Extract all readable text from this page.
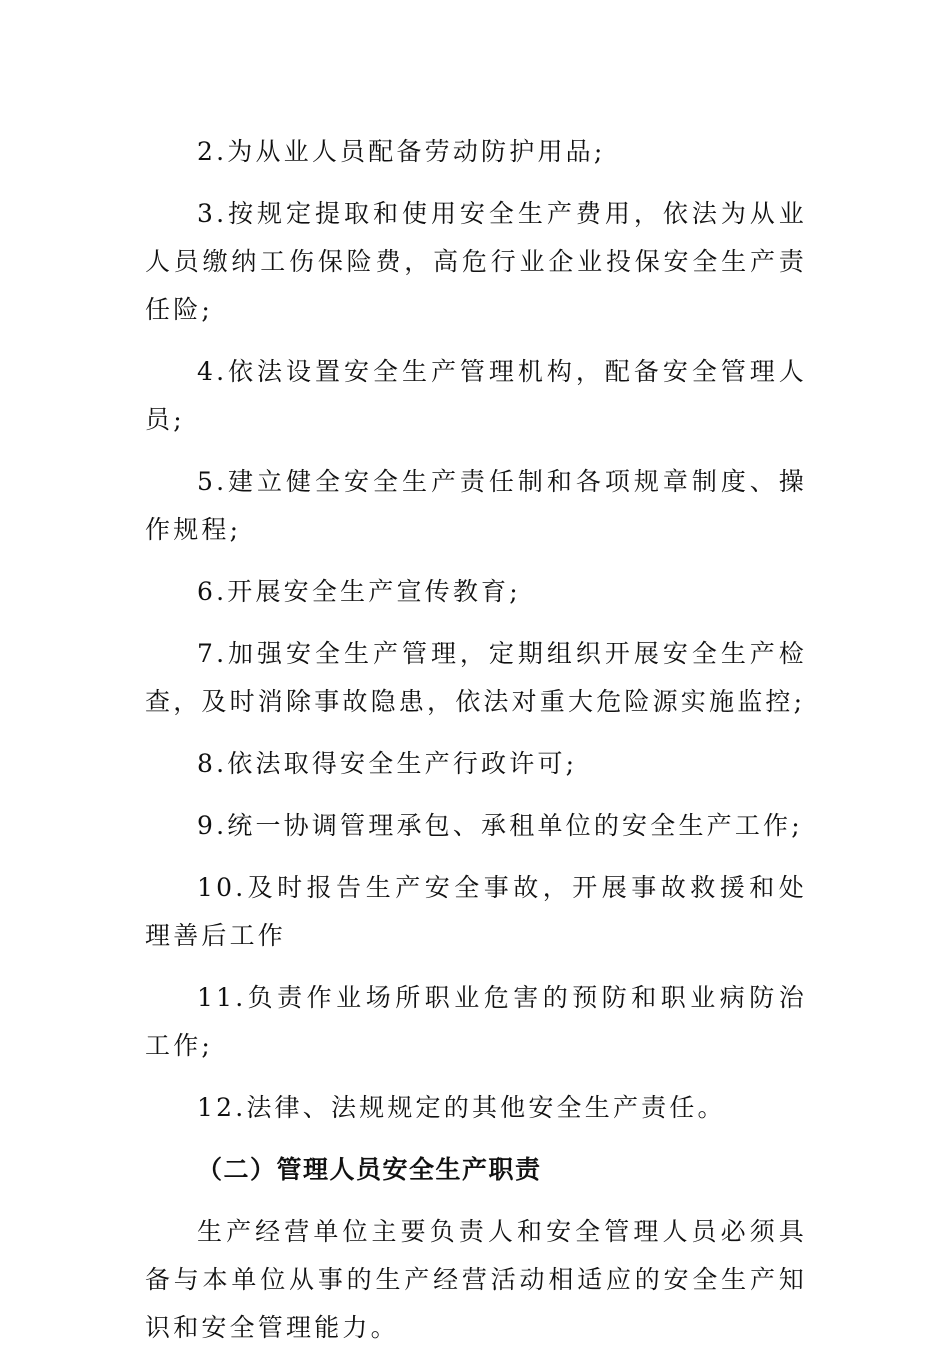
2.为从业人员配备劳动防护用品;

3.按规定提取和使用安全生产费用，依法为从业人员缴纳工伤保险费，高危行业企业投保安全生产责任险;

4.依法设置安全生产管理机构，配备安全管理人员;

5.建立健全安全生产责任制和各项规章制度、操作规程;

6.开展安全生产宣传教育;

7.加强安全生产管理，定期组织开展安全生产检查，及时消除事故隐患，依法对重大危险源实施监控;

8.依法取得安全生产行政许可;

9.统一协调管理承包、承租单位的安全生产工作;

10.及时报告生产安全事故，开展事故救援和处理善后工作

11.负责作业场所职业危害的预防和职业病防治工作;

12.法律、法规规定的其他安全生产责任。

（二）管理人员安全生产职责

生产经营单位主要负责人和安全管理人员必须具备与本单位从事的生产经营活动相适应的安全生产知识和安全管理能力。
